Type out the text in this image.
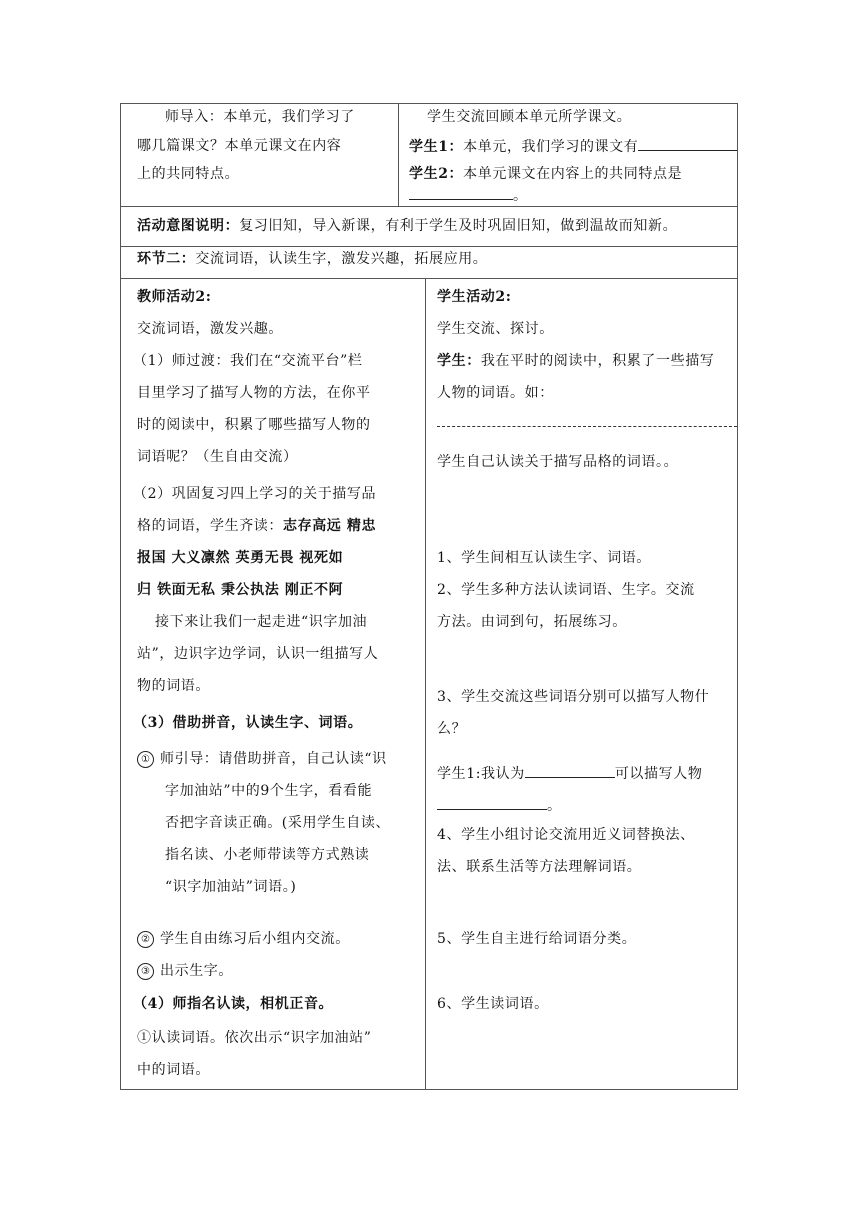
师导入：本单元，我们学习了
哪几篇课文？本单元课文在内容
上的共同特点。
学生交流回顾本单元所学课文。
学生1：本单元，我们学习的课文有
学生2：本单元课文在内容上的共同特点是
。
活动意图说明：复习旧知，导入新课，有利于学生及时巩固旧知，做到温故而知新。
环节二：交流词语，认读生字，激发兴趣，拓展应用。
教师活动2:
交流词语，激发兴趣。
（1）师过渡：我们在“交流平台”栏
目里学习了描写人物的方法，在你平
时的阅读中，积累了哪些描写人物的
词语呢？（生自由交流）
（2）巩固复习四上学习的关于描写品
格的词语，学生齐读：志存高远 精忠
报国 大义凛然 英勇无畏 视死如
归 铁面无私 秉公执法 刚正不阿
接下来让我们一起走进“识字加油
站”，边识字边学词，认识一组描写人
物的词语。
（3）借助拼音，认读生字、词语。
① 师引导：请借助拼音，自己认读“识
字加油站”中的9个生字，看看能
否把字音读正确。(采用学生自读、
指名读、小老师带读等方式熟读
“识字加油站”词语。)
② 学生自由练习后小组内交流。
③ 出示生字。
（4）师指名认读，相机正音。
①认读词语。依次出示“识字加油站”
中的词语。
学生活动2:
学生交流、探讨。
学生：我在平时的阅读中，积累了一些描写
人物的词语。如：
学生自己认读关于描写品格的词语。。
1、学生间相互认读生字、词语。
2、学生多种方法认读词语、生字。交流
方法。由词到句，拓展练习。
3、学生交流这些词语分别可以描写人物什
么？
学生1:我认为	可以描写人物
。
4、学生小组讨论交流用近义词替换法、
法、联系生活等方法理解词语。
5、学生自主进行给词语分类。
6、学生读词语。
